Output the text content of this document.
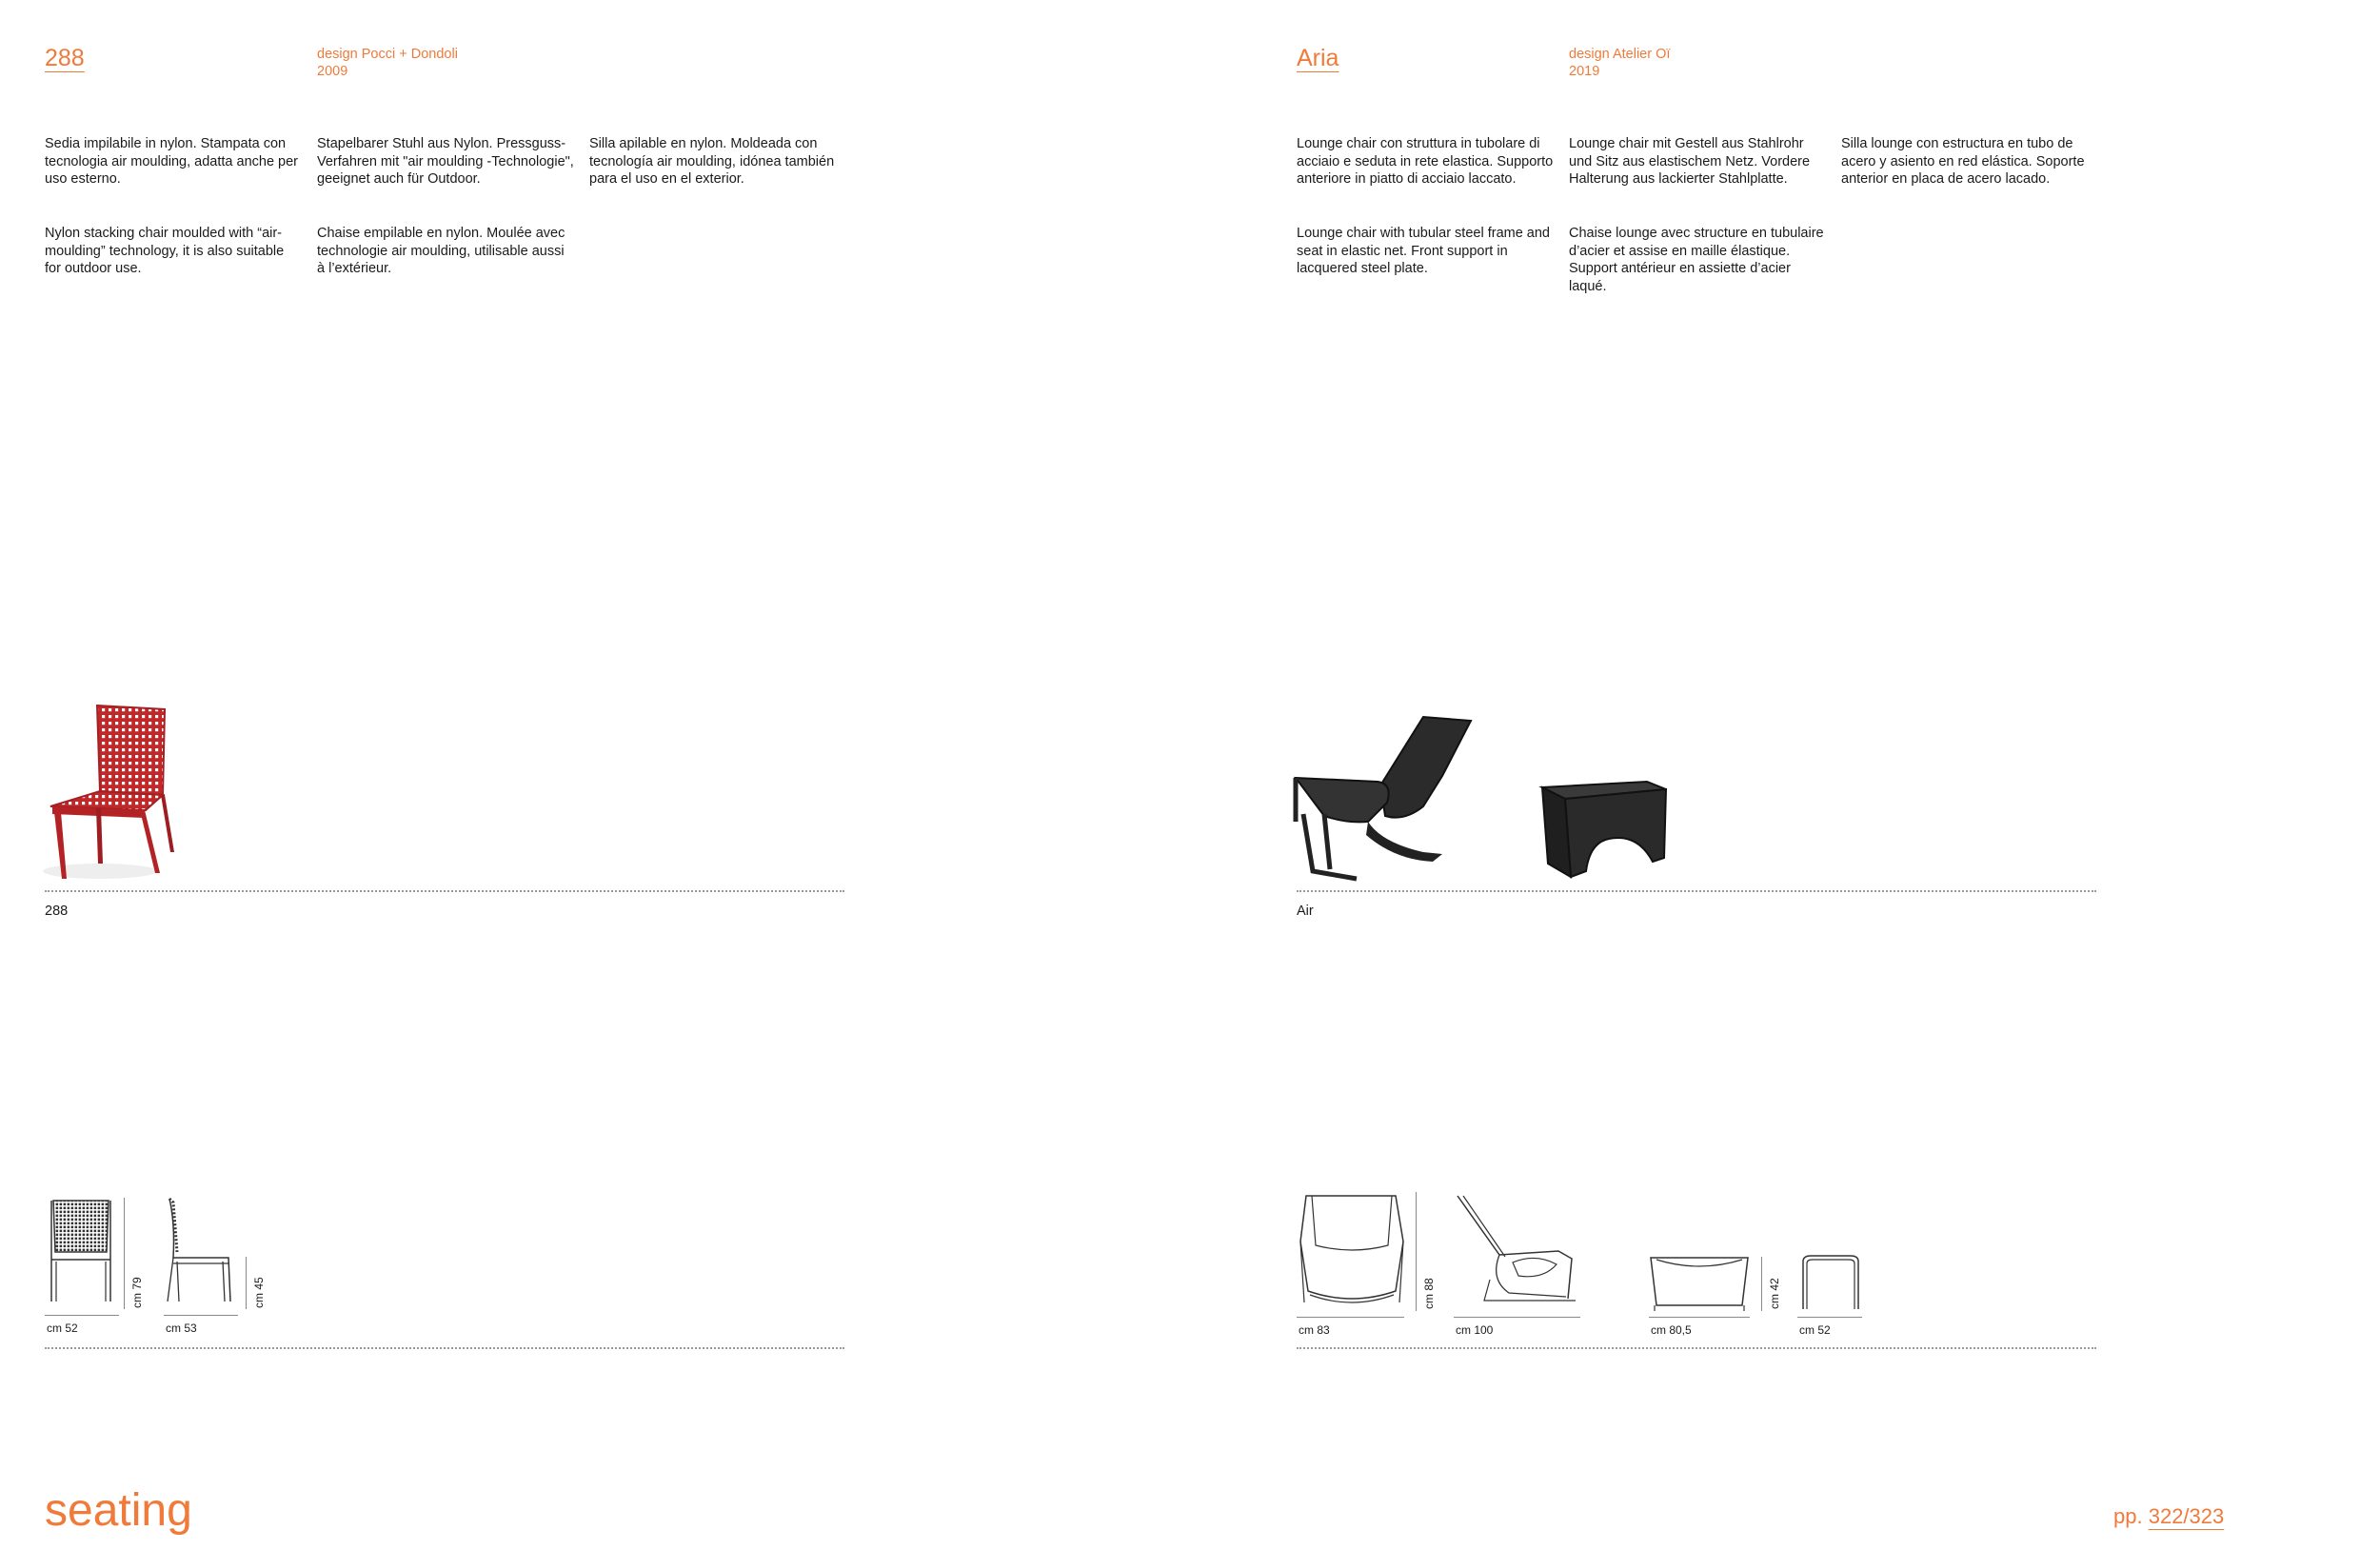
288	design Pocci + Dondoli
2009
Sedia impilabile in nylon. Stampata con tecnologia air moulding, adatta anche per uso esterno.
Stapelbarer Stuhl aus Nylon. Pressguss-Verfahren mit "air moulding -Technologie", geeignet auch für Outdoor.
Silla apilable en nylon. Moldeada con tecnología air moulding, idónea también para el uso en el exterior.
Nylon stacking chair moulded with “air-moulding” technology, it is also suitable for outdoor use.
Chaise empilable en nylon. Moulée avec technologie air moulding, utilisable aussi à l’extérieur.
288
cm 52
cm 79
cm 53
cm 45
seating
Aria	design Atelier Oï
2019
Lounge chair con struttura in tubolare di acciaio e seduta in rete elastica. Supporto anteriore in piatto di acciaio laccato.
Lounge chair mit Gestell aus Stahlrohr und Sitz aus elastischem Netz. Vordere Halterung aus lackierter Stahlplatte.
Silla lounge con estructura en tubo de acero y asiento en red elástica. Soporte anterior en placa de acero lacado.
Lounge chair with tubular steel frame and seat in elastic net. Front support in lacquered steel plate.
Chaise lounge avec structure en tubulaire d’acier et assise en maille élastique. Support antérieur en assiette d’acier laqué.
Air
cm 83
cm 88
cm 100	cm 80,5
cm 42
cm 52
pp. 322/323
